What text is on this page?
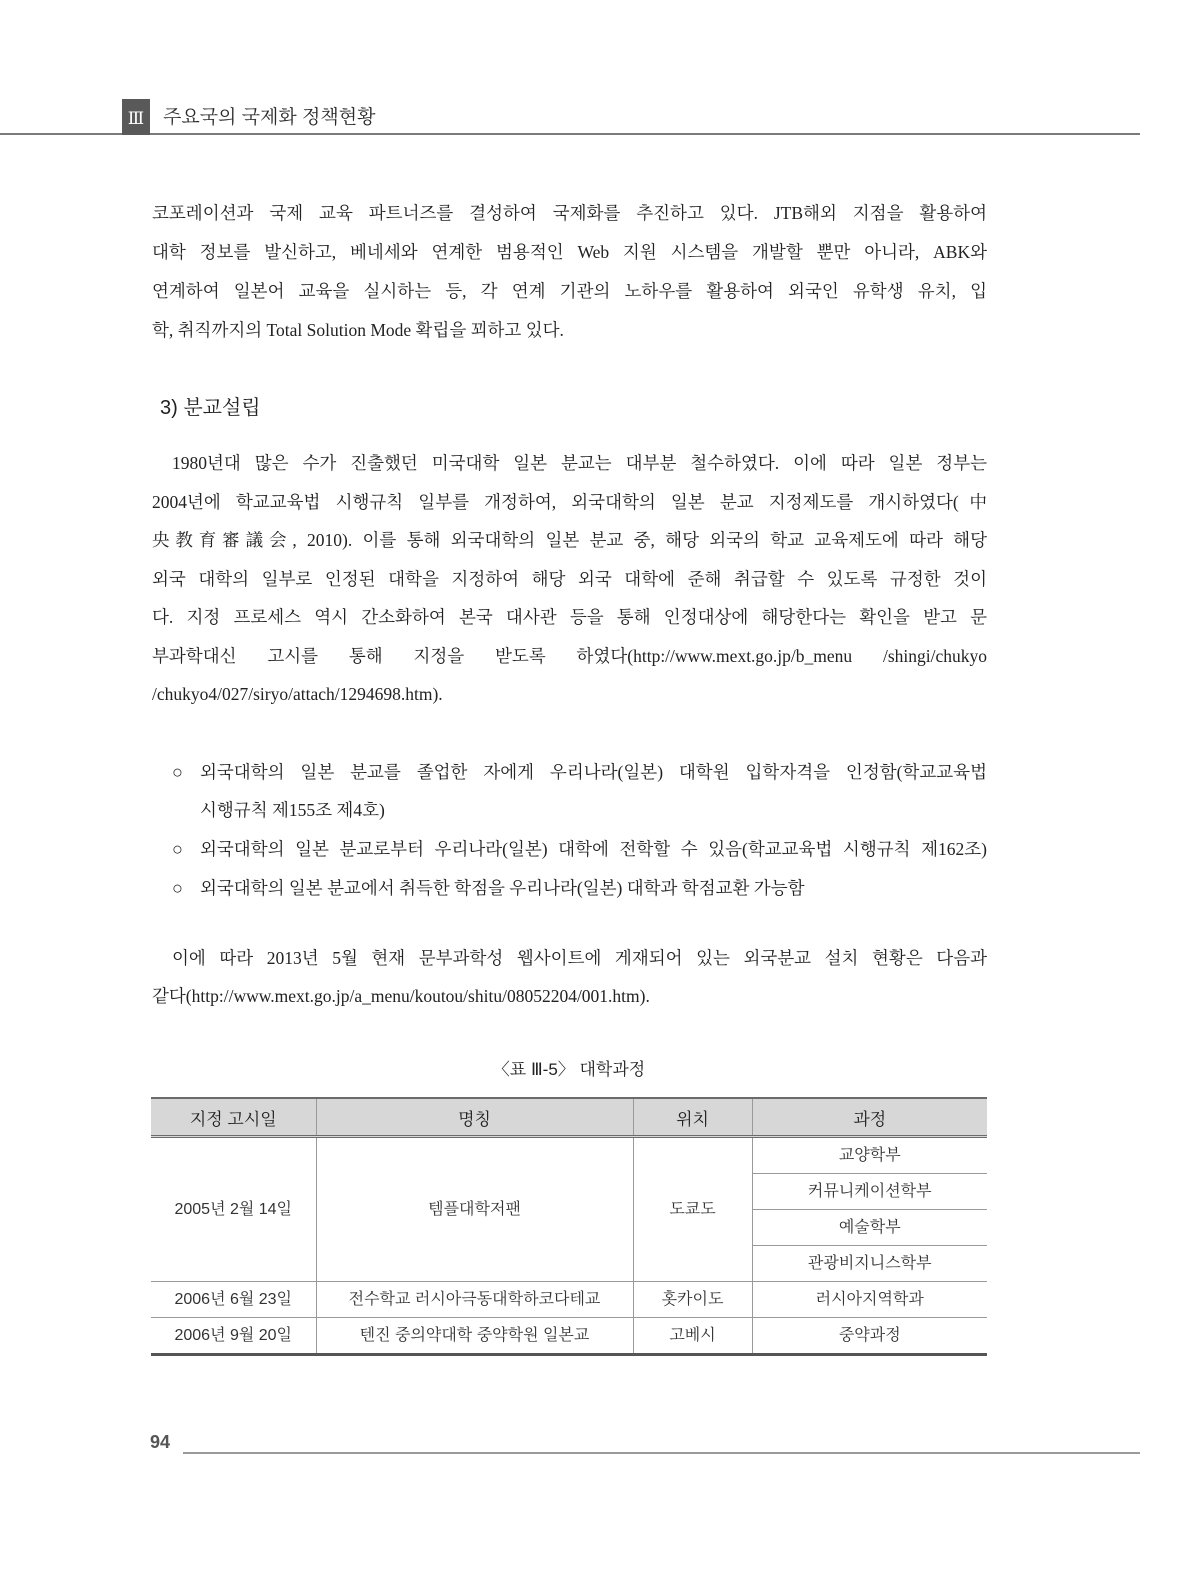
Ⅲ 주요국의 국제화 정책현황
코포레이션과 국제 교육 파트너즈를 결성하여 국제화를 추진하고 있다. JTB해외 지점을 활용하여
대학 정보를 발신하고, 베네세와 연계한 범용적인 Web 지원 시스템을 개발할 뿐만 아니라, ABK와
연계하여 일본어 교육을 실시하는 등, 각 연계 기관의 노하우를 활용하여 외국인 유학생 유치, 입
학, 취직까지의 Total Solution Mode 확립을 꾀하고 있다.
3) 분교설립
1980년대 많은 수가 진출했던 미국대학 일본 분교는 대부분 철수하였다. 이에 따라 일본 정부는
2004년에 학교교육법 시행규칙 일부를 개정하여, 외국대학의 일본 분교 지정제도를 개시하였다(中
央教育審議会, 2010). 이를 통해 외국대학의 일본 분교 중, 해당 외국의 학교 교육제도에 따라 해당
외국 대학의 일부로 인정된 대학을 지정하여 해당 외국 대학에 준해 취급할 수 있도록 규정한 것이
다. 지정 프로세스 역시 간소화하여 본국 대사관 등을 통해 인정대상에 해당한다는 확인을 받고 문
부과학대신 고시를 통해 지정을 받도록 하였다(http://www.mext.go.jp/b_menu /shingi/chukyo
/chukyo4/027/siryo/attach/1294698.htm).
○ 외국대학의 일본 분교를 졸업한 자에게 우리나라(일본) 대학원 입학자격을 인정함(학교교육법
시행규칙 제155조 제4호)
○ 외국대학의 일본 분교로부터 우리나라(일본) 대학에 전학할 수 있음(학교교육법 시행규칙 제162조)
○ 외국대학의 일본 분교에서 취득한 학점을 우리나라(일본) 대학과 학점교환 가능함
이에 따라 2013년 5월 현재 문부과학성 웹사이트에 게재되어 있는 외국분교 설치 현황은 다음과
같다(http://www.mext.go.jp/a_menu/koutou/shitu/08052204/001.htm).
〈표 Ⅲ-5〉 대학과정
지정 고시일	명칭	위치	과정
2005년 2월 14일	템플대학저팬	도쿄도	교양학부
			커뮤니케이션학부
			예술학부
			관광비지니스학부
2006년 6월 23일	전수학교 러시아극동대학하코다테교	홋카이도	러시아지역학과
2006년 9월 20일	텐진 중의약대학 중약학원 일본교	고베시	중약과정
94
